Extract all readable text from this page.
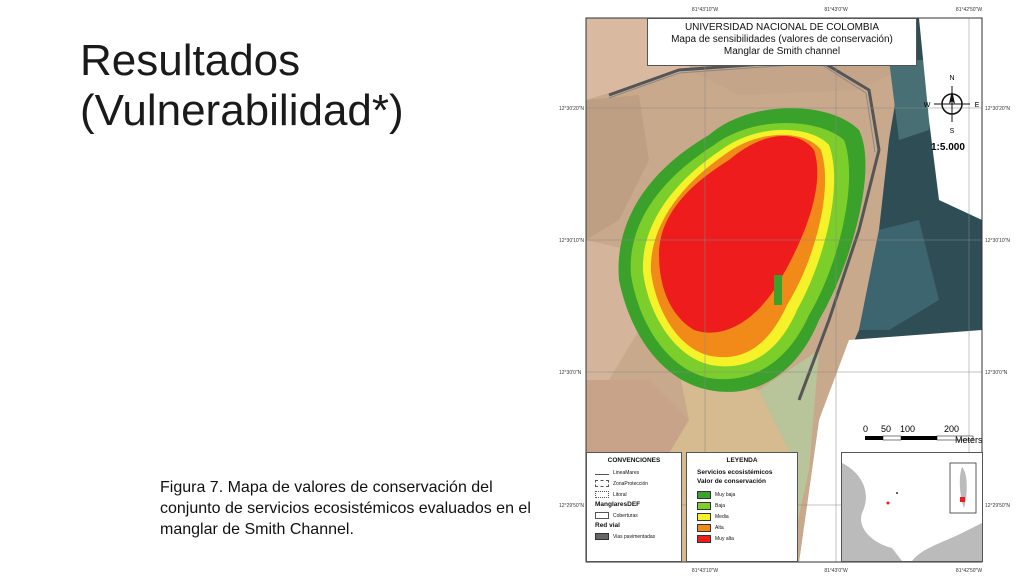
Resultados
(Vulnerabilidad*)
Figura 7. Mapa de valores de conservación del conjunto de servicios ecosistémicos evaluados en el manglar de Smith Channel.
81°43'10"W	81°43'0"W	81°42'50"W
81°43'10"W	81°43'0"W	81°42'50"W
12°30'20"N
12°30'10"N
12°30'0"N
12°29'50"N
12°30'20"N
12°30'10"N
12°30'0"N
12°29'50"N
N
S
W	E
UNIVERSIDAD NACIONAL DE COLOMBIA
Mapa de sensibilidades (valores de conservación)
Manglar de Smith channel
1:5.000
0 50 100	200
Meters
CONVENCIONES
LineaMares
ZonaProtección
Litoral
ManglaresDEF
Coberturas
Red vial
Vias pavimentadas
LEYENDA
Servicios ecosistémicos
Valor de conservación
Muy baja
Baja
Media
Alta
Muy alta
